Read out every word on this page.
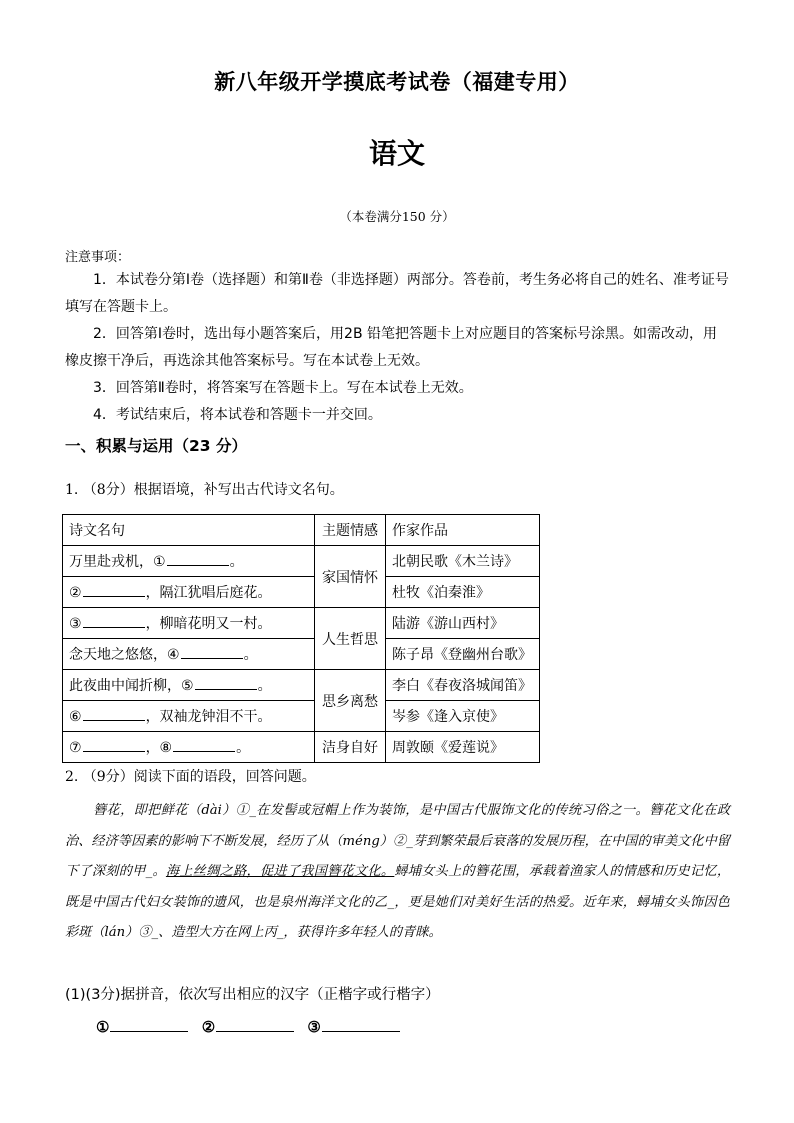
新八年级开学摸底考试卷（福建专用）
语文
（本卷满分150 分）
注意事项：

1．本试卷分第Ⅰ卷（选择题）和第Ⅱ卷（非选择题）两部分。答卷前，考生务必将自己的姓名、准考证号填写在答题卡上。

2．回答第Ⅰ卷时，选出每小题答案后，用2B 铅笔把答题卡上对应题目的答案标号涂黑。如需改动，用橡皮擦干净后，再选涂其他答案标号。写在本试卷上无效。

3．回答第Ⅱ卷时，将答案写在答题卡上。写在本试卷上无效。

4．考试结束后，将本试卷和答题卡一并交回。

一、积累与运用（23 分）
1. （8分）根据语境，补写出古代诗文名句。
诗文名句	主题情感	作家作品
万里赴戎机，① 。	家国情怀	北朝民歌《木兰诗》
② ，隔江犹唱后庭花。		杜牧《泊秦淮》
③ ，柳暗花明又一村。	人生哲思	陆游《游山西村》
念天地之悠悠，④ 。		陈子昂《登幽州台歌》
此夜曲中闻折柳，⑤ 。	思乡离愁	李白《春夜洛城闻笛》
⑥ ，双袖龙钟泪不干。		岑参《逢入京使》
⑦ ，⑧ 。	洁身自好	周敦颐《爱莲说》
2. （9分）阅读下面的语段，回答问题。

簪花，即把鲜花（dài）①_在发髻或冠帽上作为装饰，是中国古代服饰文化的传统习俗之一。簪花文化在政治、经济等因素的影响下不断发展，经历了从（méng）②_芽到繁荣最后衰落的发展历程，在中国的审美文化中留下了深刻的甲_。海上丝绸之路，促进了我国簪花文化。蟳埔女头上的簪花围，承载着渔家人的情感和历史记忆，既是中国古代妇女装饰的遗风，也是泉州海洋文化的乙_，更是她们对美好生活的热爱。近年来，蟳埔女头饰因色彩斑（lán）③_、造型大方在网上丙_，获得许多年轻人的青睐。

(1)(3分)据拼音，依次写出相应的汉字（正楷字或行楷字）
①	②	③
